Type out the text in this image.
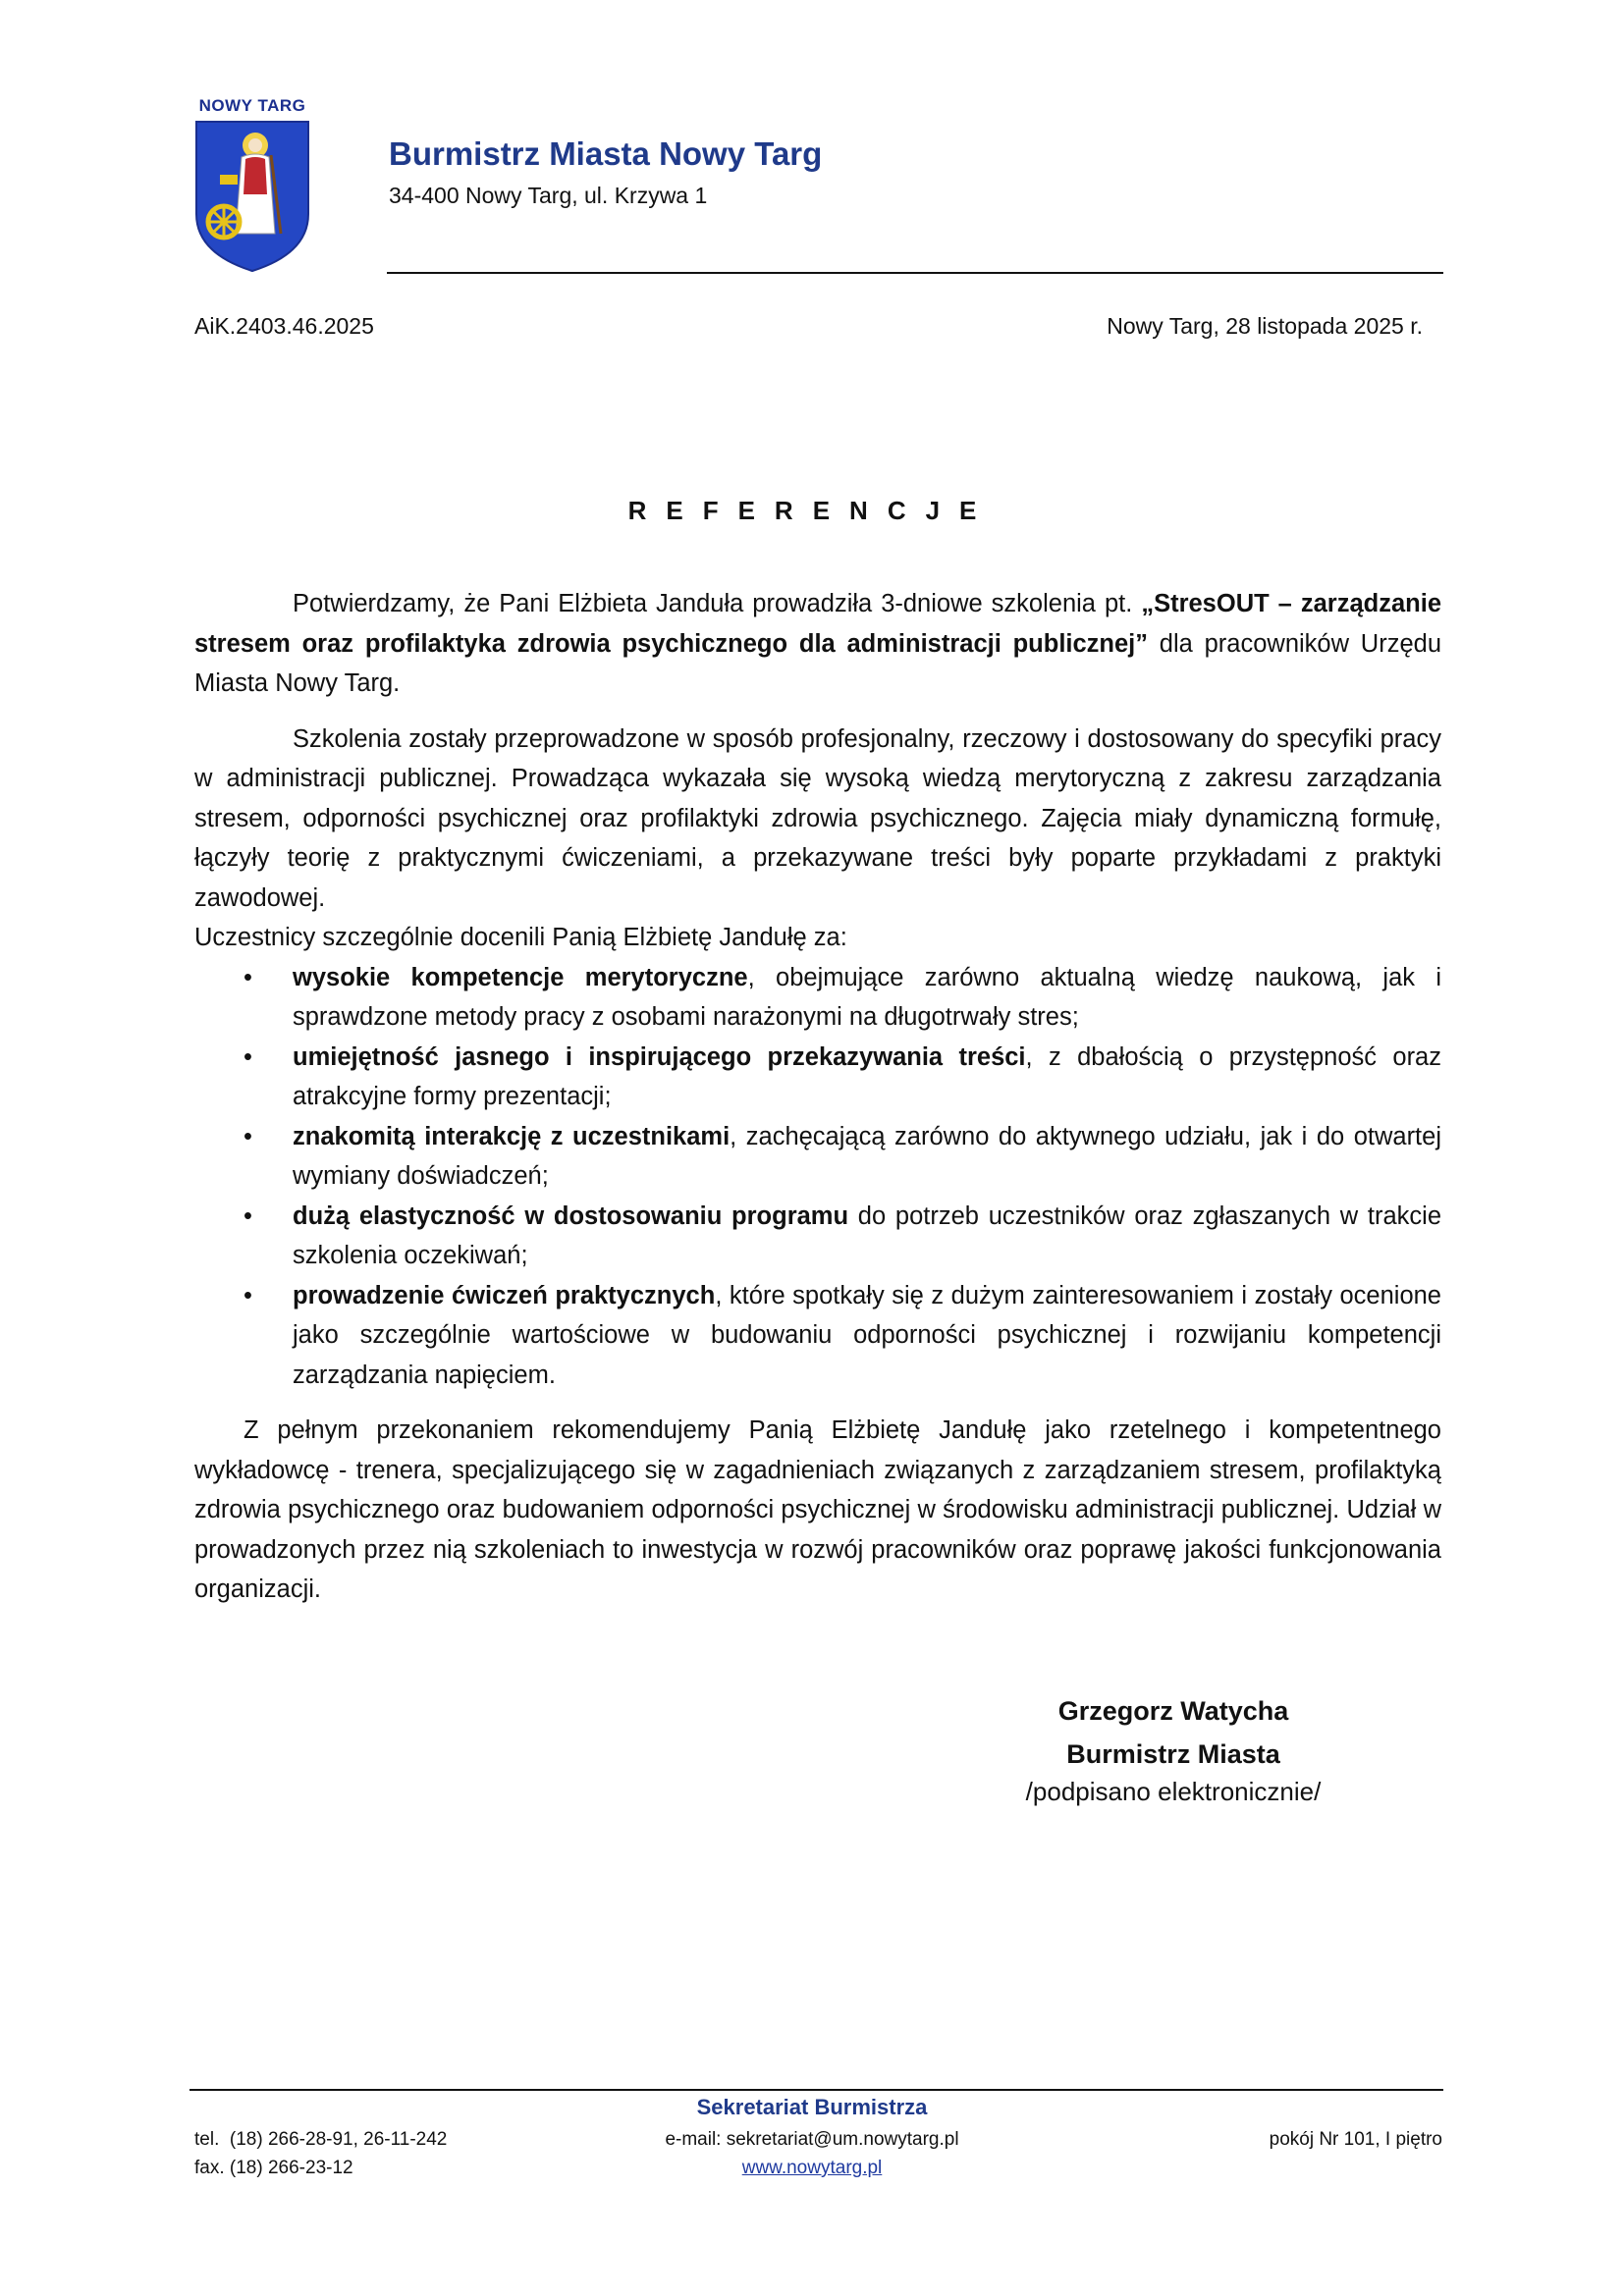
NOWY TARG
Burmistrz Miasta Nowy Targ
34-400 Nowy Targ, ul. Krzywa 1
AiK.2403.46.2025	Nowy Targ, 28 listopada 2025 r.
REFERENCJE

Potwierdzamy, że Pani Elżbieta Janduła prowadziła 3-dniowe szkolenia pt. „StresOUT – zarządzanie stresem oraz profilaktyka zdrowia psychicznego dla administracji publicznej” dla pracowników Urzędu Miasta Nowy Targ.

Szkolenia zostały przeprowadzone w sposób profesjonalny, rzeczowy i dostosowany do specyfiki pracy w administracji publicznej. Prowadząca wykazała się wysoką wiedzą merytoryczną z zakresu zarządzania stresem, odporności psychicznej oraz profilaktyki zdrowia psychicznego. Zajęcia miały dynamiczną formułę, łączyły teorię z praktycznymi ćwiczeniami, a przekazywane treści były poparte przykładami z praktyki zawodowej.

Uczestnicy szczególnie docenili Panią Elżbietę Jandułę za:

• wysokie kompetencje merytoryczne, obejmujące zarówno aktualną wiedzę naukową, jak i sprawdzone metody pracy z osobami narażonymi na długotrwały stres;
• umiejętność jasnego i inspirującego przekazywania treści, z dbałością o przystępność oraz atrakcyjne formy prezentacji;
• znakomitą interakcję z uczestnikami, zachęcającą zarówno do aktywnego udziału, jak i do otwartej wymiany doświadczeń;
• dużą elastyczność w dostosowaniu programu do potrzeb uczestników oraz zgłaszanych w trakcie szkolenia oczekiwań;
• prowadzenie ćwiczeń praktycznych, które spotkały się z dużym zainteresowaniem i zostały ocenione jako szczególnie wartościowe w budowaniu odporności psychicznej i rozwijaniu kompetencji zarządzania napięciem.

Z pełnym przekonaniem rekomendujemy Panią Elżbietę Jandułę jako rzetelnego i kompetentnego wykładowcę - trenera, specjalizującego się w zagadnieniach związanych z zarządzaniem stresem, profilaktyką zdrowia psychicznego oraz budowaniem odporności psychicznej w środowisku administracji publicznej. Udział w prowadzonych przez nią szkoleniach to inwestycja w rozwój pracowników oraz poprawę jakości funkcjonowania organizacji.

Grzegorz Watycha
Burmistrz Miasta
/podpisano elektronicznie/
Sekretariat Burmistrza
tel.  (18) 266-28-91, 26-11-242
fax. (18) 266-23-12
e-mail: sekretariat@um.nowytarg.pl
www.nowytarg.pl
pokój Nr 101, I piętro
